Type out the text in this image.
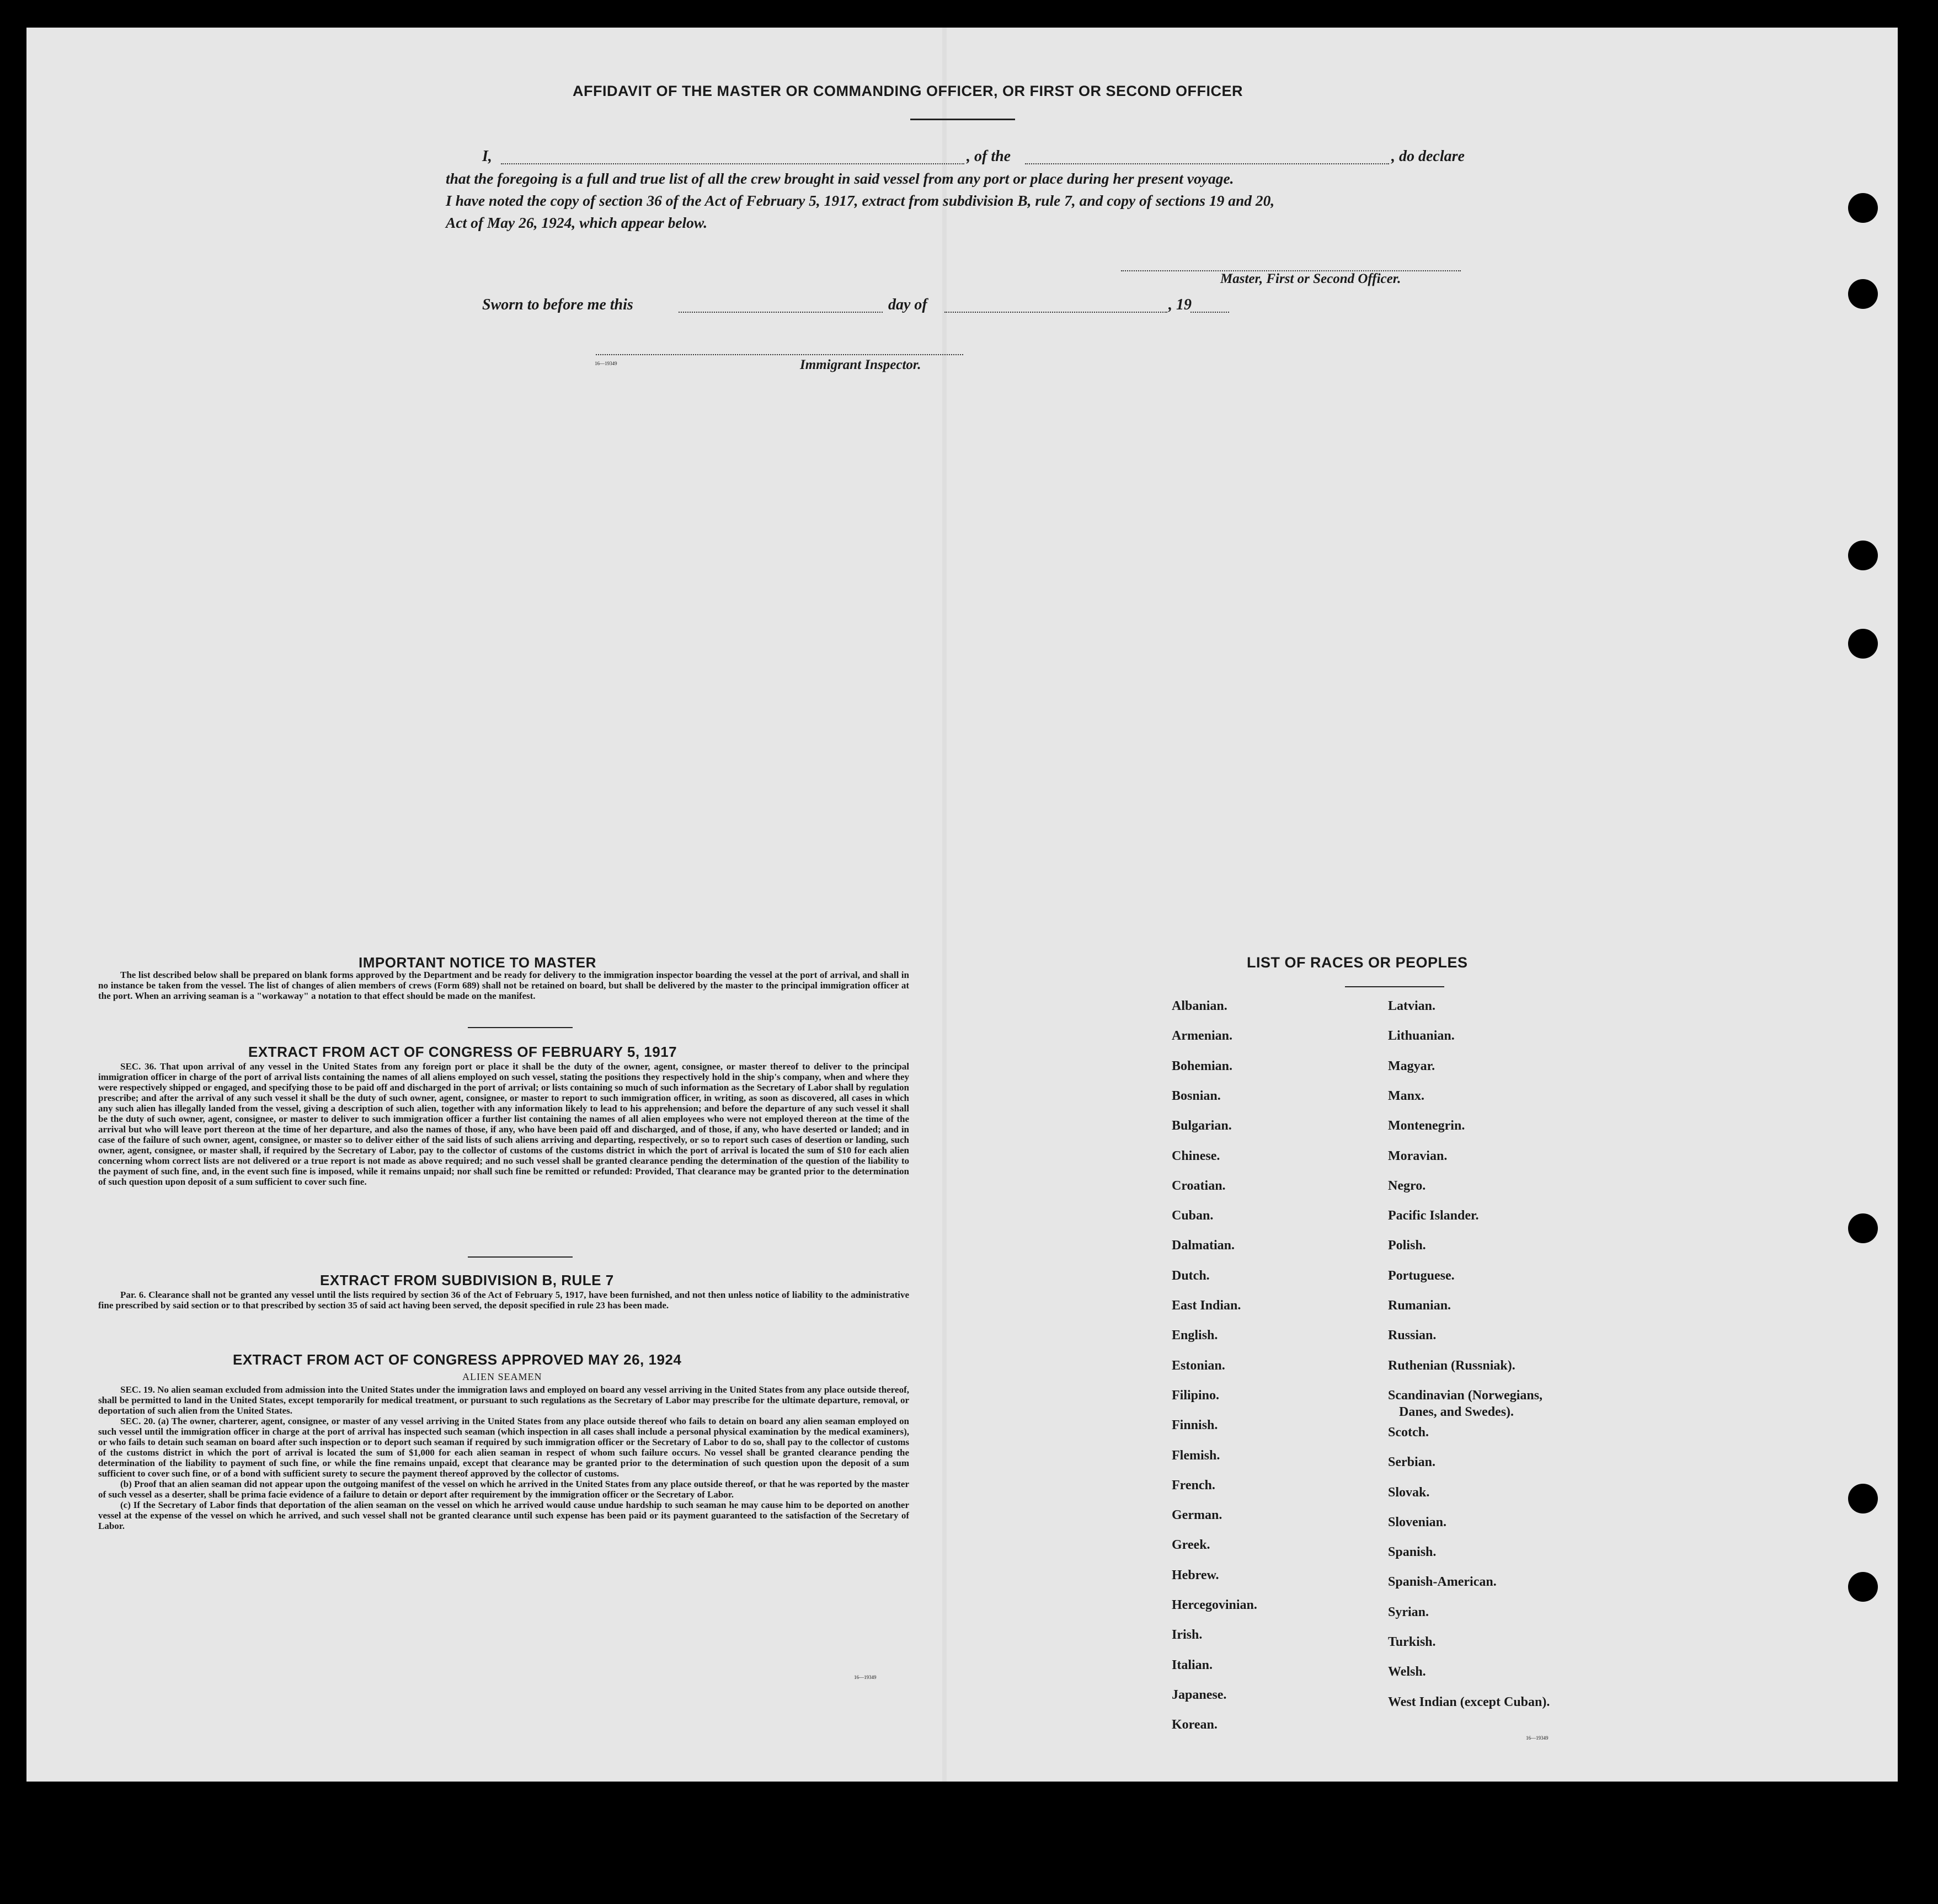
AFFIDAVIT OF THE MASTER OR COMMANDING OFFICER, OR FIRST OR SECOND OFFICER
I,	, of the	, do declare
that the foregoing is a full and true list of all the crew brought in said vessel from any port or place during her present voyage.
I have noted the copy of section 36 of the Act of February 5, 1917, extract from subdivision B, rule 7, and copy of sections 19 and 20,
Act of May 26, 1924, which appear below.
Master, First or Second Officer.
Sworn to before me this	day of	, 19
16—19349	Immigrant Inspector.
IMPORTANT NOTICE TO MASTER

The list described below shall be prepared on blank forms approved by the Department and be ready for delivery to the immigration inspector boarding the vessel at the port of arrival, and shall in no instance be taken from the vessel. The list of changes of alien members of crews (Form 689) shall not be retained on board, but shall be delivered by the master to the principal immigration officer at the port. When an arriving seaman is a "workaway" a notation to that effect should be made on the manifest.

EXTRACT FROM ACT OF CONGRESS OF FEBRUARY 5, 1917

SEC. 36. That upon arrival of any vessel in the United States from any foreign port or place it shall be the duty of the owner, agent, consignee, or master thereof to deliver to the principal immigration officer in charge of the port of arrival lists containing the names of all aliens employed on such vessel, stating the positions they respectively hold in the ship's company, when and where they were respectively shipped or engaged, and specifying those to be paid off and discharged in the port of arrival; or lists containing so much of such information as the Secretary of Labor shall by regulation prescribe; and after the arrival of any such vessel it shall be the duty of such owner, agent, consignee, or master to report to such immigration officer, in writing, as soon as discovered, all cases in which any such alien has illegally landed from the vessel, giving a description of such alien, together with any information likely to lead to his apprehension; and before the departure of any such vessel it shall be the duty of such owner, agent, consignee, or master to deliver to such immigration officer a further list containing the names of all alien employees who were not employed thereon at the time of the arrival but who will leave port thereon at the time of her departure, and also the names of those, if any, who have been paid off and discharged, and of those, if any, who have deserted or landed; and in case of the failure of such owner, agent, consignee, or master so to deliver either of the said lists of such aliens arriving and departing, respectively, or so to report such cases of desertion or landing, such owner, agent, consignee, or master shall, if required by the Secretary of Labor, pay to the collector of customs of the customs district in which the port of arrival is located the sum of $10 for each alien concerning whom correct lists are not delivered or a true report is not made as above required; and no such vessel shall be granted clearance pending the determination of the question of the liability to the payment of such fine, and, in the event such fine is imposed, while it remains unpaid; nor shall such fine be remitted or refunded: Provided, That clearance may be granted prior to the determination of such question upon deposit of a sum sufficient to cover such fine.

EXTRACT FROM SUBDIVISION B, RULE 7

Par. 6. Clearance shall not be granted any vessel until the lists required by section 36 of the Act of February 5, 1917, have been furnished, and not then unless notice of liability to the administrative fine prescribed by said section or to that prescribed by section 35 of said act having been served, the deposit specified in rule 23 has been made.

EXTRACT FROM ACT OF CONGRESS APPROVED MAY 26, 1924
ALIEN SEAMEN

SEC. 19. No alien seaman excluded from admission into the United States under the immigration laws and employed on board any vessel arriving in the United States from any place outside thereof, shall be permitted to land in the United States, except temporarily for medical treatment, or pursuant to such regulations as the Secretary of Labor may prescribe for the ultimate departure, removal, or deportation of such alien from the United States.

SEC. 20. (a) The owner, charterer, agent, consignee, or master of any vessel arriving in the United States from any place outside thereof who fails to detain on board any alien seaman employed on such vessel until the immigration officer in charge at the port of arrival has inspected such seaman (which inspection in all cases shall include a personal physical examination by the medical examiners), or who fails to detain such seaman on board after such inspection or to deport such seaman if required by such immigration officer or the Secretary of Labor to do so, shall pay to the collector of customs of the customs district in which the port of arrival is located the sum of $1,000 for each alien seaman in respect of whom such failure occurs. No vessel shall be granted clearance pending the determination of the liability to payment of such fine, or while the fine remains unpaid, except that clearance may be granted prior to the determination of such question upon the deposit of a sum sufficient to cover such fine, or of a bond with sufficient surety to secure the payment thereof approved by the collector of customs.

(b) Proof that an alien seaman did not appear upon the outgoing manifest of the vessel on which he arrived in the United States from any place outside thereof, or that he was reported by the master of such vessel as a deserter, shall be prima facie evidence of a failure to detain or deport after requirement by the immigration officer or the Secretary of Labor.

(c) If the Secretary of Labor finds that deportation of the alien seaman on the vessel on which he arrived would cause undue hardship to such seaman he may cause him to be deported on another vessel at the expense of the vessel on which he arrived, and such vessel shall not be granted clearance until such expense has been paid or its payment guaranteed to the satisfaction of the Secretary of Labor.

16—19349
LIST OF RACES OR PEOPLES
16—19349
Albanian.
Armenian.
Bohemian.
Bosnian.
Bulgarian.
Chinese.
Croatian.
Cuban.
Dalmatian.
Dutch.
East Indian.
English.
Estonian.
Filipino.
Finnish.
Flemish.
French.
German.
Greek.
Hebrew.
Hercegovinian.
Irish.
Italian.
Japanese.
Korean.
Latvian.
Lithuanian.
Magyar.
Manx.
Montenegrin.
Moravian.
Negro.
Pacific Islander.
Polish.
Portuguese.
Rumanian.
Russian.
Ruthenian (Russniak).
Scandinavian (Norwegians,
Danes, and Swedes).
Scotch.
Serbian.
Slovak.
Slovenian.
Spanish.
Spanish-American.
Syrian.
Turkish.
Welsh.
West Indian (except Cuban).
